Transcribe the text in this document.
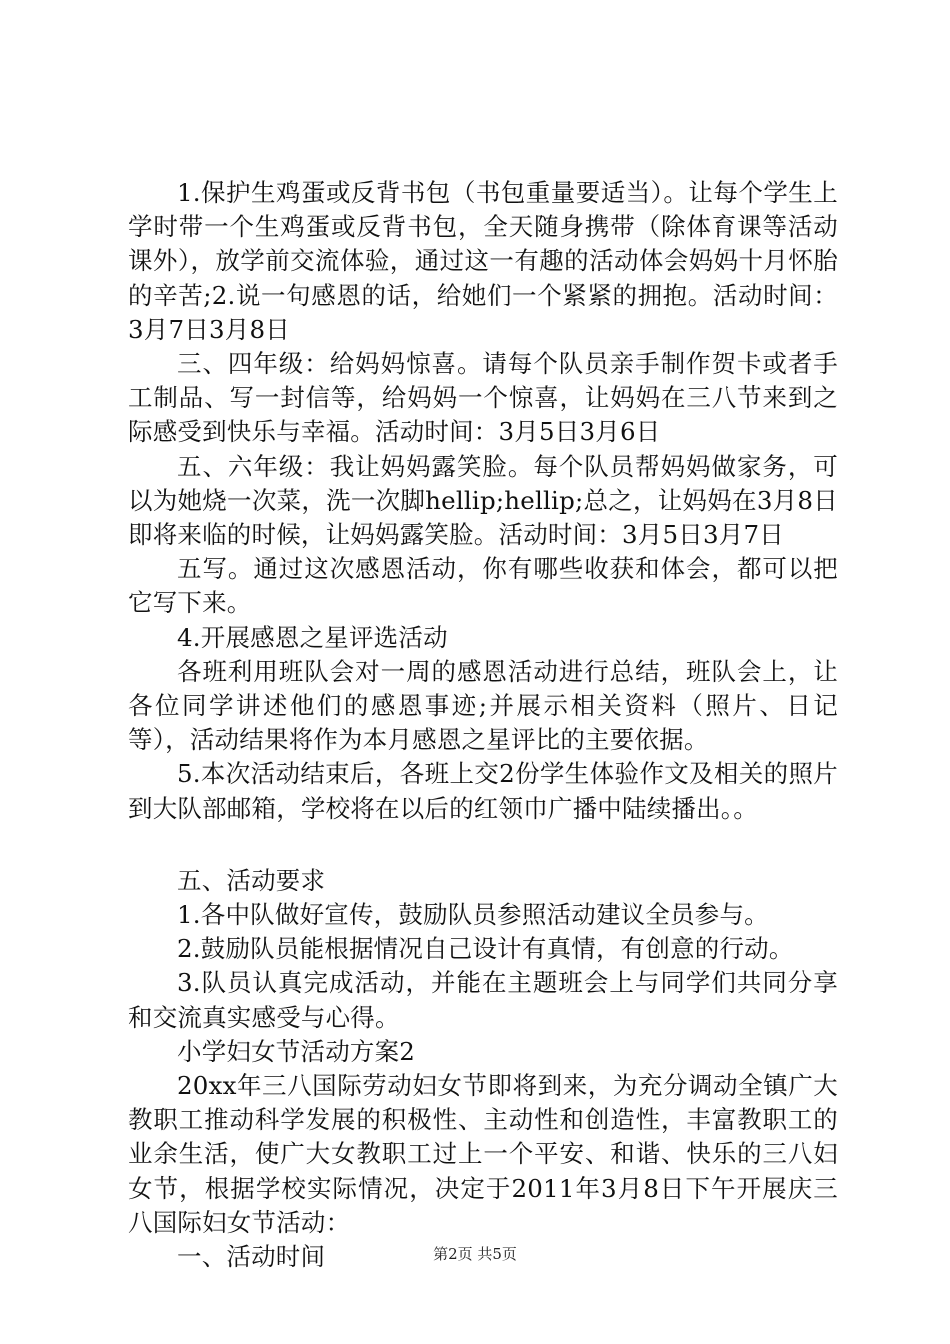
1.保护生鸡蛋或反背书包（书包重量要适当）。让每个学生上学时带一个生鸡蛋或反背书包，全天随身携带（除体育课等活动课外），放学前交流体验，通过这一有趣的活动体会妈妈十月怀胎的辛苦;2.说一句感恩的话，给她们一个紧紧的拥抱。活动时间：3月7日3月8日

三、四年级：给妈妈惊喜。请每个队员亲手制作贺卡或者手工制品、写一封信等，给妈妈一个惊喜，让妈妈在三八节来到之际感受到快乐与幸福。活动时间：3月5日3月6日

五、六年级：我让妈妈露笑脸。每个队员帮妈妈做家务，可以为她烧一次菜，洗一次脚hellip;hellip;总之，让妈妈在3月8日即将来临的时候，让妈妈露笑脸。活动时间：3月5日3月7日

五写。通过这次感恩活动，你有哪些收获和体会，都可以把它写下来。

4.开展感恩之星评选活动

各班利用班队会对一周的感恩活动进行总结，班队会上，让各位同学讲述他们的感恩事迹;并展示相关资料（照片、日记等），活动结果将作为本月感恩之星评比的主要依据。

5.本次活动结束后，各班上交2份学生体验作文及相关的照片到大队部邮箱，学校将在以后的红领巾广播中陆续播出。。

五、活动要求

1.各中队做好宣传，鼓励队员参照活动建议全员参与。

2.鼓励队员能根据情况自己设计有真情，有创意的行动。

3.队员认真完成活动，并能在主题班会上与同学们共同分享和交流真实感受与心得。

小学妇女节活动方案2

20xx年三八国际劳动妇女节即将到来，为充分调动全镇广大教职工推动科学发展的积极性、主动性和创造性，丰富教职工的业余生活，使广大女教职工过上一个平安、和谐、快乐的三八妇女节，根据学校实际情况，决定于2011年3月8日下午开展庆三八国际妇女节活动：

一、活动时间	第2页 共5页
